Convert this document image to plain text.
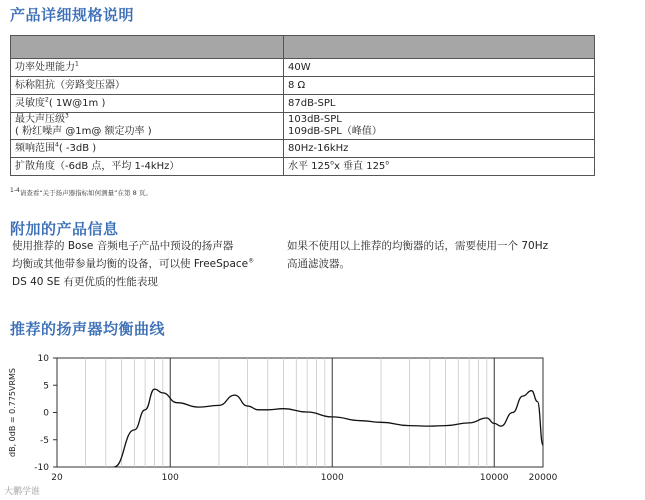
产品详细规格说明

功率处理能力$^1$	40W
标称阻抗（旁路变压器）	8 Ω
灵敏度$^2$( 1W@1m )	87dB-SPL
最大声压级$^3$
( 粉红噪声 @1m@ 额定功率 )	103dB-SPL
109dB-SPL（峰值）
频响范围$^4$( -3dB )	80Hz-16kHz
扩散角度（-6dB 点，平均 1-4kHz）	水平 125$^o$x 垂直 125$^o$
$^{1-4}$请查看“关于扬声器指标如何测量”在第 8 页。
附加的产品信息
使用推荐的 Bose 音频电子产品中预设的扬声器
均衡或其他带参量均衡的设备，可以使 FreeSpace®
DS 40 SE 有更优质的性能表现
如果不使用以上推荐的均衡器的话，需要使用一个 70Hz
高通滤波器。
推荐的扬声器均衡曲线
10
5
0
-5
-10
20	100	1000	10000 20000
dB, 0dB = 0.775VRMS
大鹏学谁
